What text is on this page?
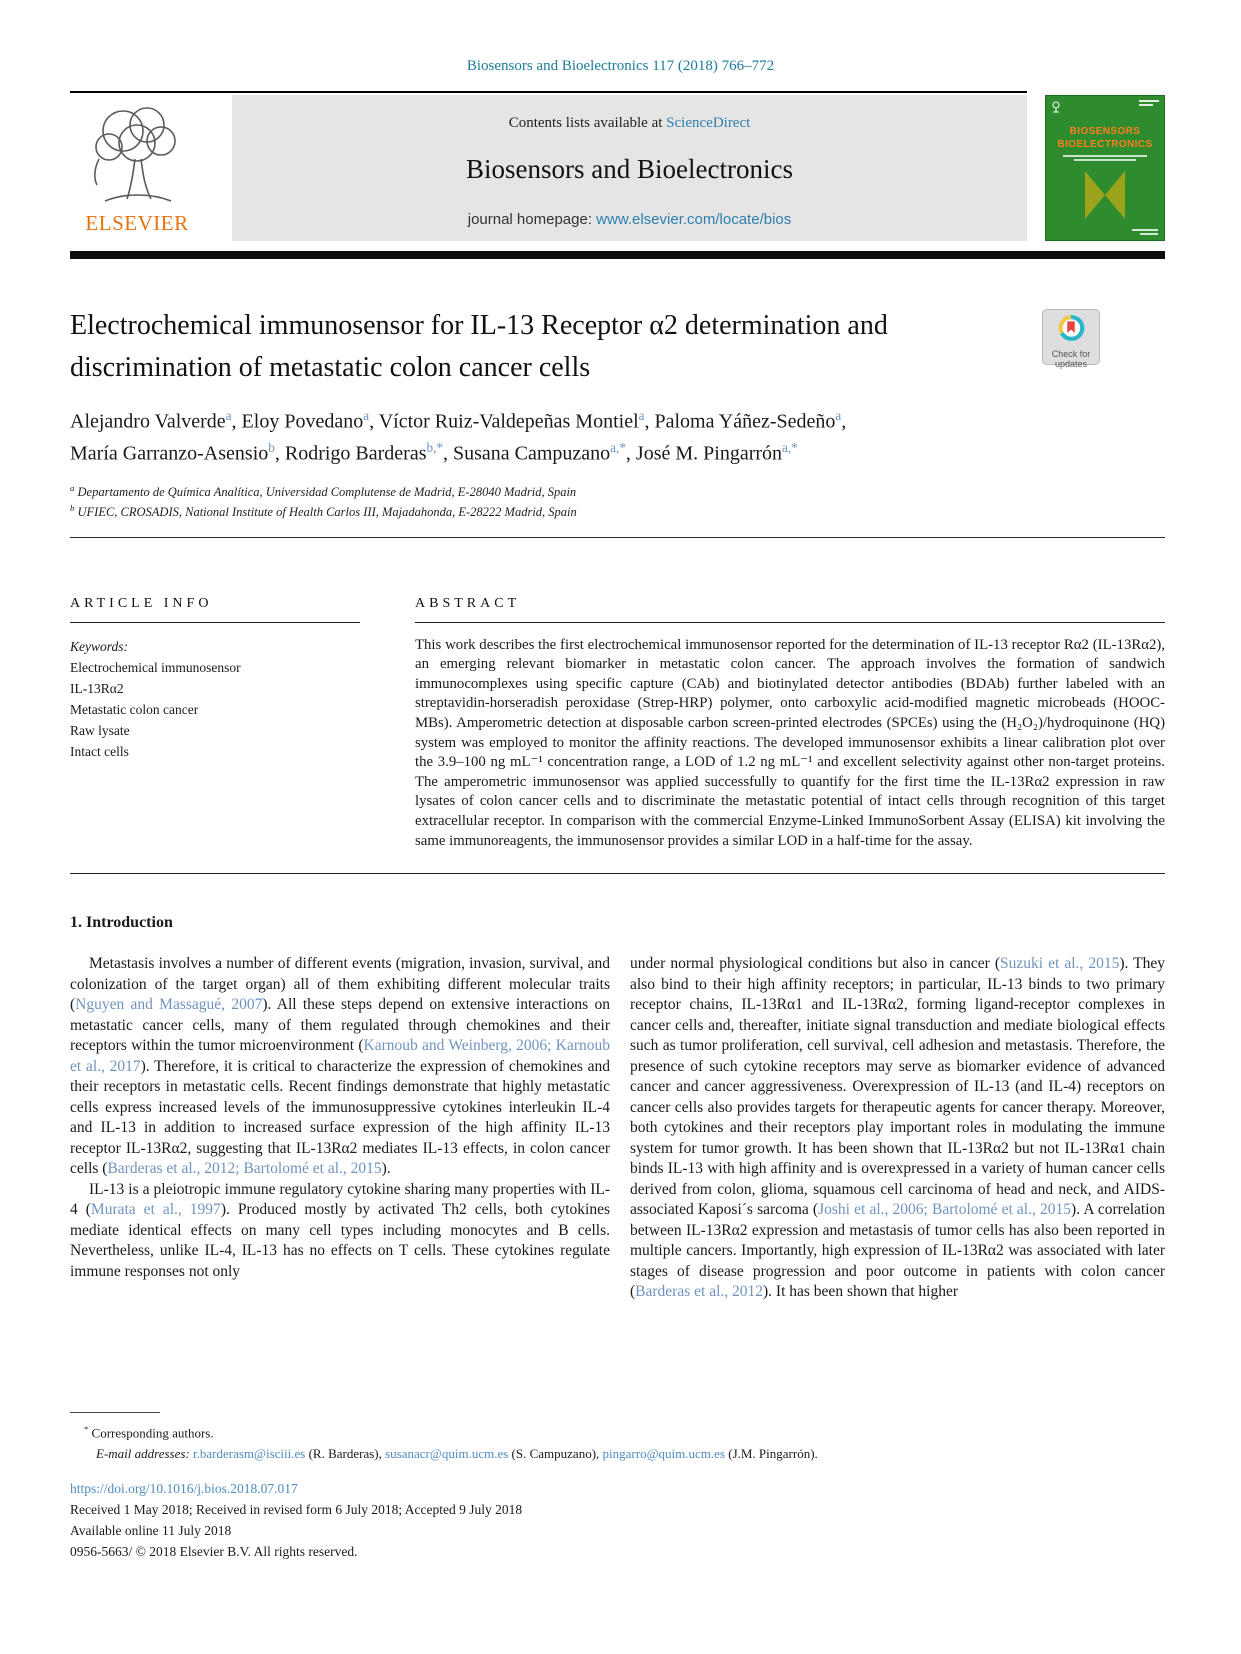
Biosensors and Bioelectronics 117 (2018) 766–772
ELSEVIER
Contents lists available at ScienceDirect
Biosensors and Bioelectronics
journal homepage: www.elsevier.com/locate/bios
BIOSENSORS
BIOELECTRONICS
Electrochemical immunosensor for IL-13 Receptor α2 determination and discrimination of metastatic colon cancer cells	Check for
updates
Alejandro Valverde$^a$, Eloy Povedano$^a$, Víctor Ruiz-Valdepeñas Montiel$^a$, Paloma Yáñez-Sedeño$^a$,
María Garranzo-Asensio$^b$, Rodrigo Barderas$^{b,*}$, Susana Campuzano$^{a,*}$, José M. Pingarrón$^{a,*}$
$^a$ Departamento de Química Analítica, Universidad Complutense de Madrid, E-28040 Madrid, Spain
$^b$ UFIEC, CROSADIS, National Institute of Health Carlos III, Majadahonda, E-28222 Madrid, Spain
ARTICLE INFO
Keywords:
Electrochemical immunosensor
IL-13Rα2
Metastatic colon cancer
Raw lysate
Intact cells
ABSTRACT
This work describes the first electrochemical immunosensor reported for the determination of IL-13 receptor Rα2 (IL-13Rα2), an emerging relevant biomarker in metastatic colon cancer. The approach involves the formation of sandwich immunocomplexes using specific capture (CAb) and biotinylated detector antibodies (BDAb) further labeled with an streptavidin-horseradish peroxidase (Strep-HRP) polymer, onto carboxylic acid-modified magnetic microbeads (HOOC-MBs). Amperometric detection at disposable carbon screen-printed electrodes (SPCEs) using the (H₂O₂)/hydroquinone (HQ) system was employed to monitor the affinity reactions. The developed immunosensor exhibits a linear calibration plot over the 3.9–100 ng mL⁻¹ concentration range, a LOD of 1.2 ng mL⁻¹ and excellent selectivity against other non-target proteins. The amperometric immunosensor was applied successfully to quantify for the first time the IL-13Rα2 expression in raw lysates of colon cancer cells and to discriminate the metastatic potential of intact cells through recognition of this target extracellular receptor. In comparison with the commercial Enzyme-Linked ImmunoSorbent Assay (ELISA) kit involving the same immunoreagents, the immunosensor provides a similar LOD in a half-time for the assay.
1. Introduction

Metastasis involves a number of different events (migration, invasion, survival, and colonization of the target organ) all of them exhibiting different molecular traits (Nguyen and Massagué, 2007). All these steps depend on extensive interactions on metastatic cancer cells, many of them regulated through chemokines and their receptors within the tumor microenvironment (Karnoub and Weinberg, 2006; Karnoub et al., 2017). Therefore, it is critical to characterize the expression of chemokines and their receptors in metastatic cells. Recent findings demonstrate that highly metastatic cells express increased levels of the immunosuppressive cytokines interleukin IL-4 and IL-13 in addition to increased surface expression of the high affinity IL-13 receptor IL-13Rα2, suggesting that IL-13Rα2 mediates IL-13 effects, in colon cancer cells (Barderas et al., 2012; Bartolomé et al., 2015).

IL-13 is a pleiotropic immune regulatory cytokine sharing many properties with IL-4 (Murata et al., 1997). Produced mostly by activated Th2 cells, both cytokines mediate identical effects on many cell types including monocytes and B cells. Nevertheless, unlike IL-4, IL-13 has no effects on T cells. These cytokines regulate immune responses not only

under normal physiological conditions but also in cancer (Suzuki et al., 2015). They also bind to their high affinity receptors; in particular, IL-13 binds to two primary receptor chains, IL-13Rα1 and IL-13Rα2, forming ligand-receptor complexes in cancer cells and, thereafter, initiate signal transduction and mediate biological effects such as tumor proliferation, cell survival, cell adhesion and metastasis. Therefore, the presence of such cytokine receptors may serve as biomarker evidence of advanced cancer and cancer aggressiveness. Overexpression of IL-13 (and IL-4) receptors on cancer cells also provides targets for therapeutic agents for cancer therapy. Moreover, both cytokines and their receptors play important roles in modulating the immune system for tumor growth. It has been shown that IL-13Rα2 but not IL-13Rα1 chain binds IL-13 with high affinity and is overexpressed in a variety of human cancer cells derived from colon, glioma, squamous cell carcinoma of head and neck, and AIDS-associated Kaposi´s sarcoma (Joshi et al., 2006; Bartolomé et al., 2015). A correlation between IL-13Rα2 expression and metastasis of tumor cells has also been reported in multiple cancers. Importantly, high expression of IL-13Rα2 was associated with later stages of disease progression and poor outcome in patients with colon cancer (Barderas et al., 2012). It has been shown that higher

* Corresponding authors.
E-mail addresses: r.barderasm@isciii.es (R. Barderas), susanacr@quim.ucm.es (S. Campuzano), pingarro@quim.ucm.es (J.M. Pingarrón).
https://doi.org/10.1016/j.bios.2018.07.017
Received 1 May 2018; Received in revised form 6 July 2018; Accepted 9 July 2018
Available online 11 July 2018
0956-5663/ © 2018 Elsevier B.V. All rights reserved.
